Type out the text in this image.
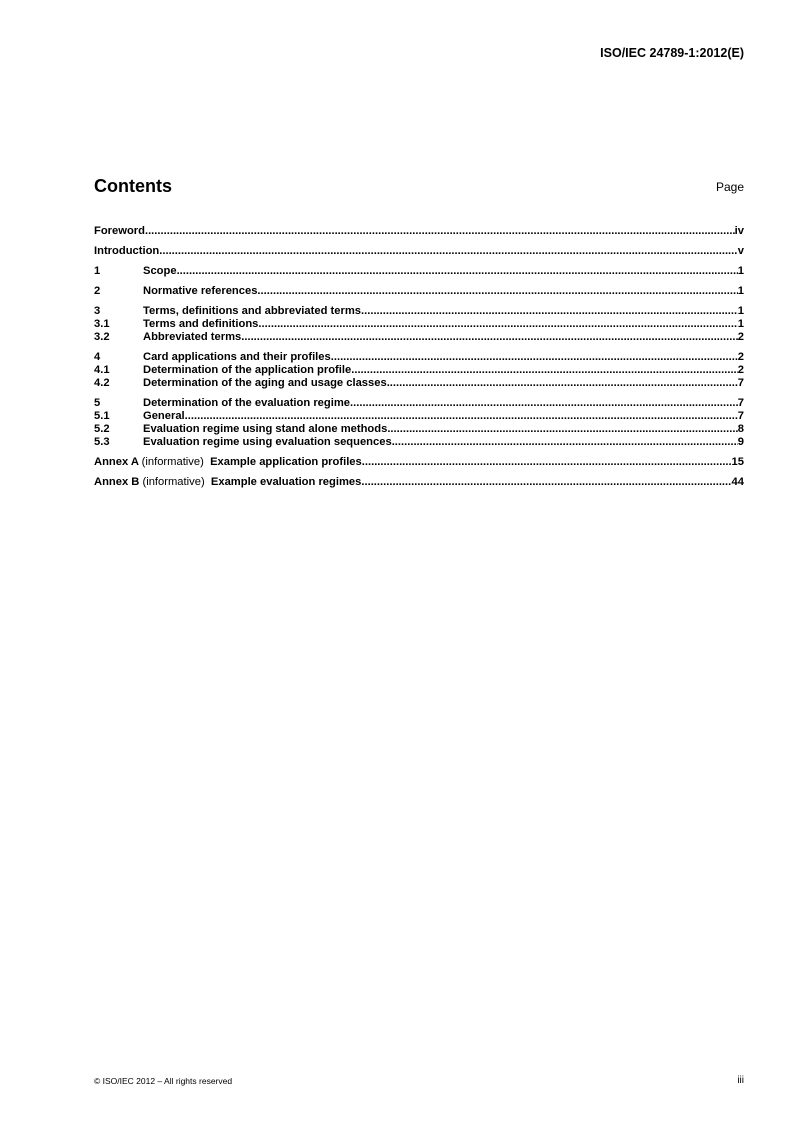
ISO/IEC 24789-1:2012(E)
Contents	Page
Foreword .....	iv
Introduction .....	v
1	Scope .....	1
2	Normative references .....	1
3	Terms, definitions and abbreviated terms .....	1
3.1	Terms and definitions .....	1
3.2	Abbreviated terms .....	2
4	Card applications and their profiles .....	2
4.1	Determination of the application profile .....	2
4.2	Determination of the aging and usage classes .....	7
5	Determination of the evaluation regime .....	7
5.1	General .....	7
5.2	Evaluation regime using stand alone methods .....	8
5.3	Evaluation regime using evaluation sequences .....	9
Annex A (informative) Example application profiles .....	15
Annex B (informative) Example evaluation regimes .....	44
© ISO/IEC 2012 – All rights reserved	iii
